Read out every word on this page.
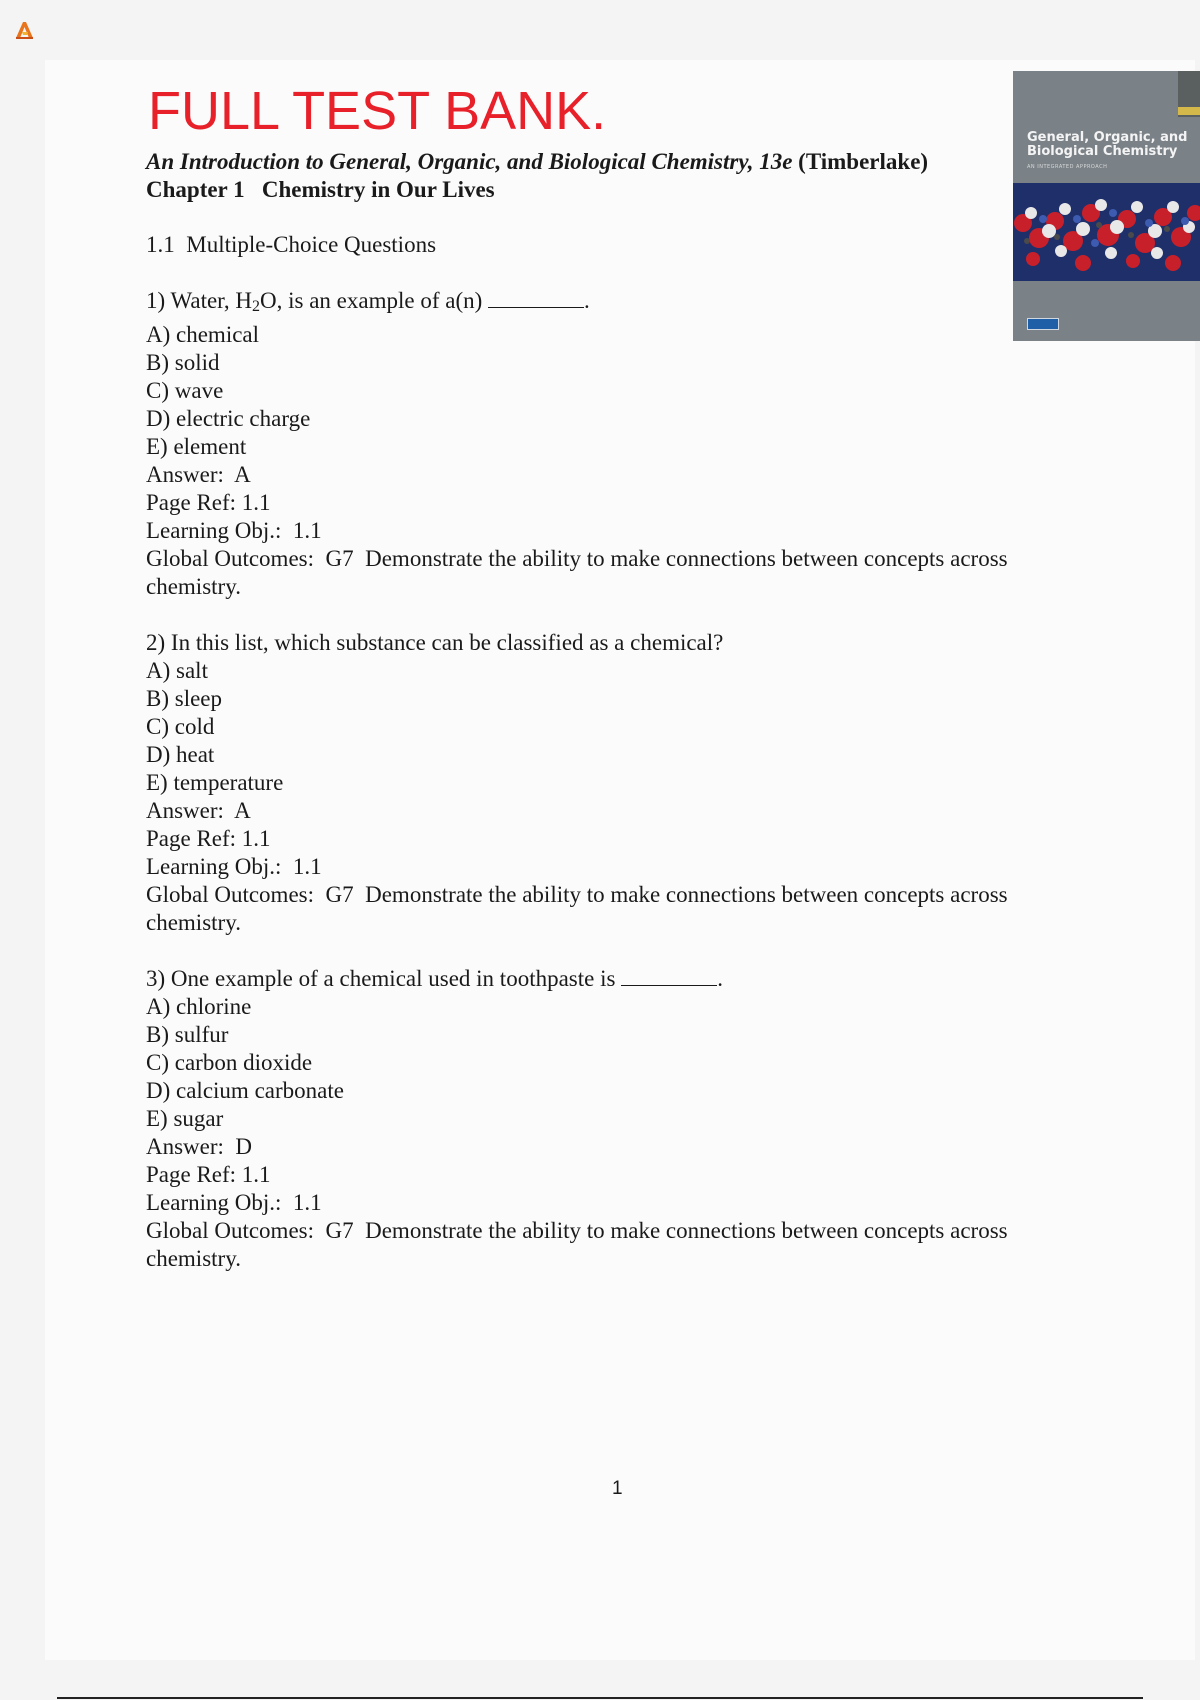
FULL TEST BANK.
An Introduction to General, Organic, and Biological Chemistry, 13e (Timberlake)
Chapter 1   Chemistry in Our Lives
1.1  Multiple-Choice Questions
General, Organic, and Biological Chemistry
AN INTEGRATED APPROACH
1) Water, $H_2O$, is an example of a(n)	.
A) chemical
B) solid
C) wave
D) electric charge
E) element
Answer:  A
Page Ref: 1.1
Learning Obj.:  1.1
Global Outcomes:  G7  Demonstrate the ability to make connections between concepts across chemistry.
2) In this list, which substance can be classified as a chemical?
A) salt
B) sleep
C) cold
D) heat
E) temperature
Answer:  A
Page Ref: 1.1
Learning Obj.:  1.1
Global Outcomes:  G7  Demonstrate the ability to make connections between concepts across chemistry.
3) One example of a chemical used in toothpaste is	.
A) chlorine
B) sulfur
C) carbon dioxide
D) calcium carbonate
E) sugar
Answer:  D
Page Ref: 1.1
Learning Obj.:  1.1
Global Outcomes:  G7  Demonstrate the ability to make connections between concepts across chemistry.
1
